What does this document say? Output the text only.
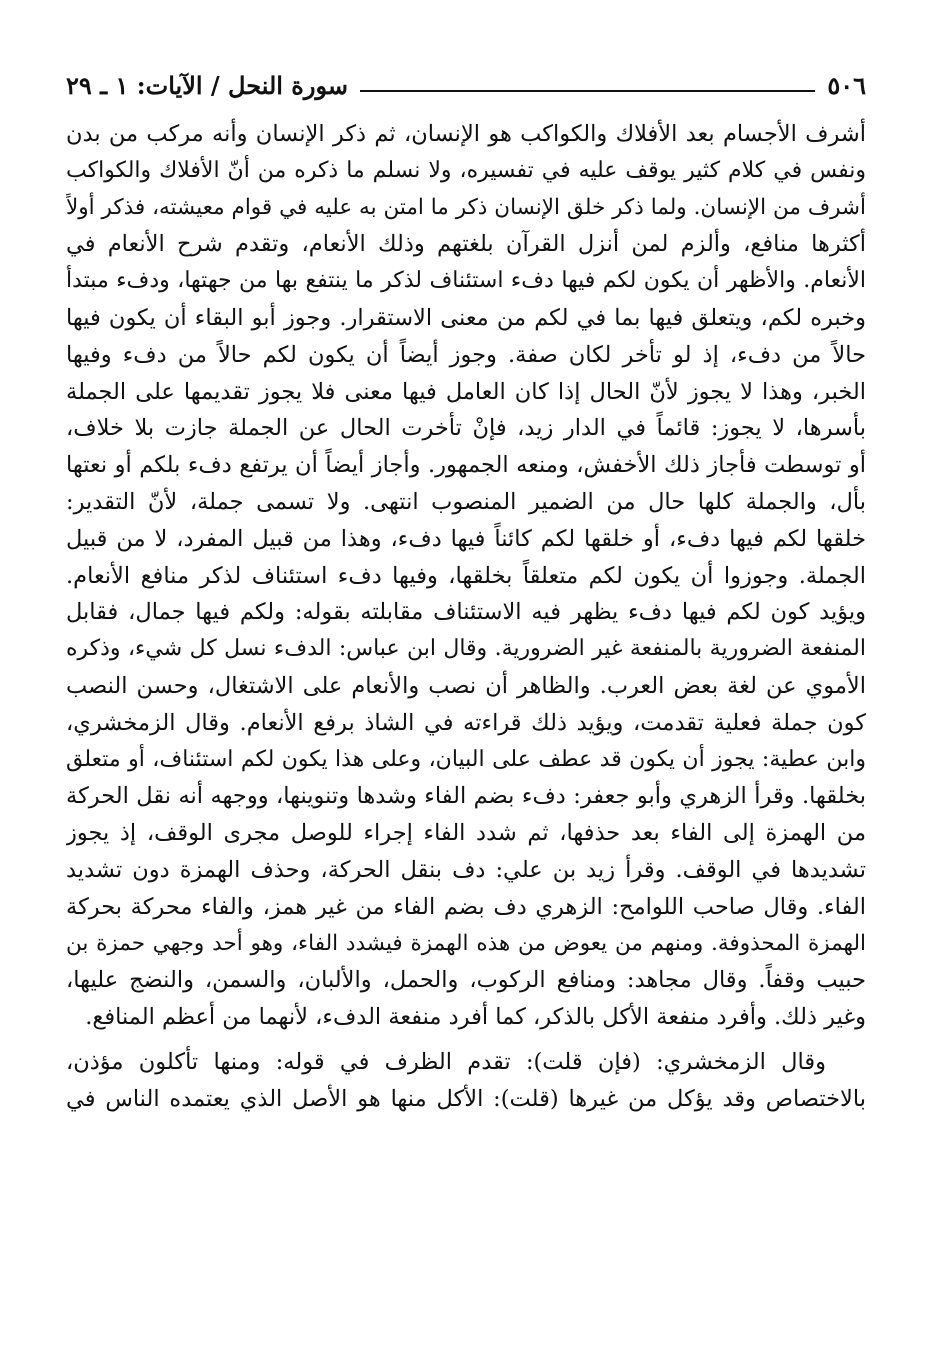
٥٠٦
سورة النحل / الآيات: ١ ـ ٢٩
أشرف الأجسام بعد الأفلاك والكواكب هو الإنسان، ثم ذكر الإنسان وأنه مركب من بدن
ونفس في كلام كثير يوقف عليه في تفسيره، ولا نسلم ما ذكره من أنّ الأفلاك والكواكب
أشرف من الإنسان. ولما ذكر خلق الإنسان ذكر ما امتن به عليه في قوام معيشته، فذكر أولاً
أكثرها منافع، وألزم لمن أنزل القرآن بلغتهم وذلك الأنعام، وتقدم شرح الأنعام في
الأنعام. والأظهر أن يكون لكم فيها دفء استئناف لذكر ما ينتفع بها من جهتها، ودفء مبتدأ
وخبره لكم، ويتعلق فيها بما في لكم من معنى الاستقرار. وجوز أبو البقاء أن يكون فيها
حالاً من دفء، إذ لو تأخر لكان صفة. وجوز أيضاً أن يكون لكم حالاً من دفء وفيها
الخبر، وهذا لا يجوز لأنّ الحال إذا كان العامل فيها معنى فلا يجوز تقديمها على الجملة
بأسرها، لا يجوز: قائماً في الدار زيد، فإنْ تأخرت الحال عن الجملة جازت بلا خلاف،
أو توسطت فأجاز ذلك الأخفش، ومنعه الجمهور. وأجاز أيضاً أن يرتفع دفء بلكم أو نعتها
بأل، والجملة كلها حال من الضمير المنصوب انتهى. ولا تسمى جملة، لأنّ التقدير:
خلقها لكم فيها دفء، أو خلقها لكم كائناً فيها دفء، وهذا من قبيل المفرد، لا من قبيل
الجملة. وجوزوا أن يكون لكم متعلقاً بخلقها، وفيها دفء استئناف لذكر منافع الأنعام.
ويؤيد كون لكم فيها دفء يظهر فيه الاستئناف مقابلته بقوله: ولكم فيها جمال، فقابل
المنفعة الضرورية بالمنفعة غير الضرورية. وقال ابن عباس: الدفء نسل كل شيء، وذكره
الأموي عن لغة بعض العرب. والظاهر أن نصب والأنعام على الاشتغال، وحسن النصب
كون جملة فعلية تقدمت، ويؤيد ذلك قراءته في الشاذ برفع الأنعام. وقال الزمخشري،
وابن عطية: يجوز أن يكون قد عطف على البيان، وعلى هذا يكون لكم استئناف، أو متعلق
بخلقها. وقرأ الزهري وأبو جعفر: دفء بضم الفاء وشدها وتنوينها، ووجهه أنه نقل الحركة
من الهمزة إلى الفاء بعد حذفها، ثم شدد الفاء إجراء للوصل مجرى الوقف، إذ يجوز
تشديدها في الوقف. وقرأ زيد بن علي: دف بنقل الحركة، وحذف الهمزة دون تشديد
الفاء. وقال صاحب اللوامح: الزهري دف بضم الفاء من غير همز، والفاء محركة بحركة
الهمزة المحذوفة. ومنهم من يعوض من هذه الهمزة فيشدد الفاء، وهو أحد وجهي حمزة بن
حبيب وقفاً. وقال مجاهد: ومنافع الركوب، والحمل، والألبان، والسمن، والنضج عليها،
وغير ذلك. وأفرد منفعة الأكل بالذكر، كما أفرد منفعة الدفء، لأنهما من أعظم المنافع.
وقال الزمخشري: (فإن قلت): تقدم الظرف في قوله: ومنها تأكلون مؤذن،
بالاختصاص وقد يؤكل من غيرها (قلت): الأكل منها هو الأصل الذي يعتمده الناس في
